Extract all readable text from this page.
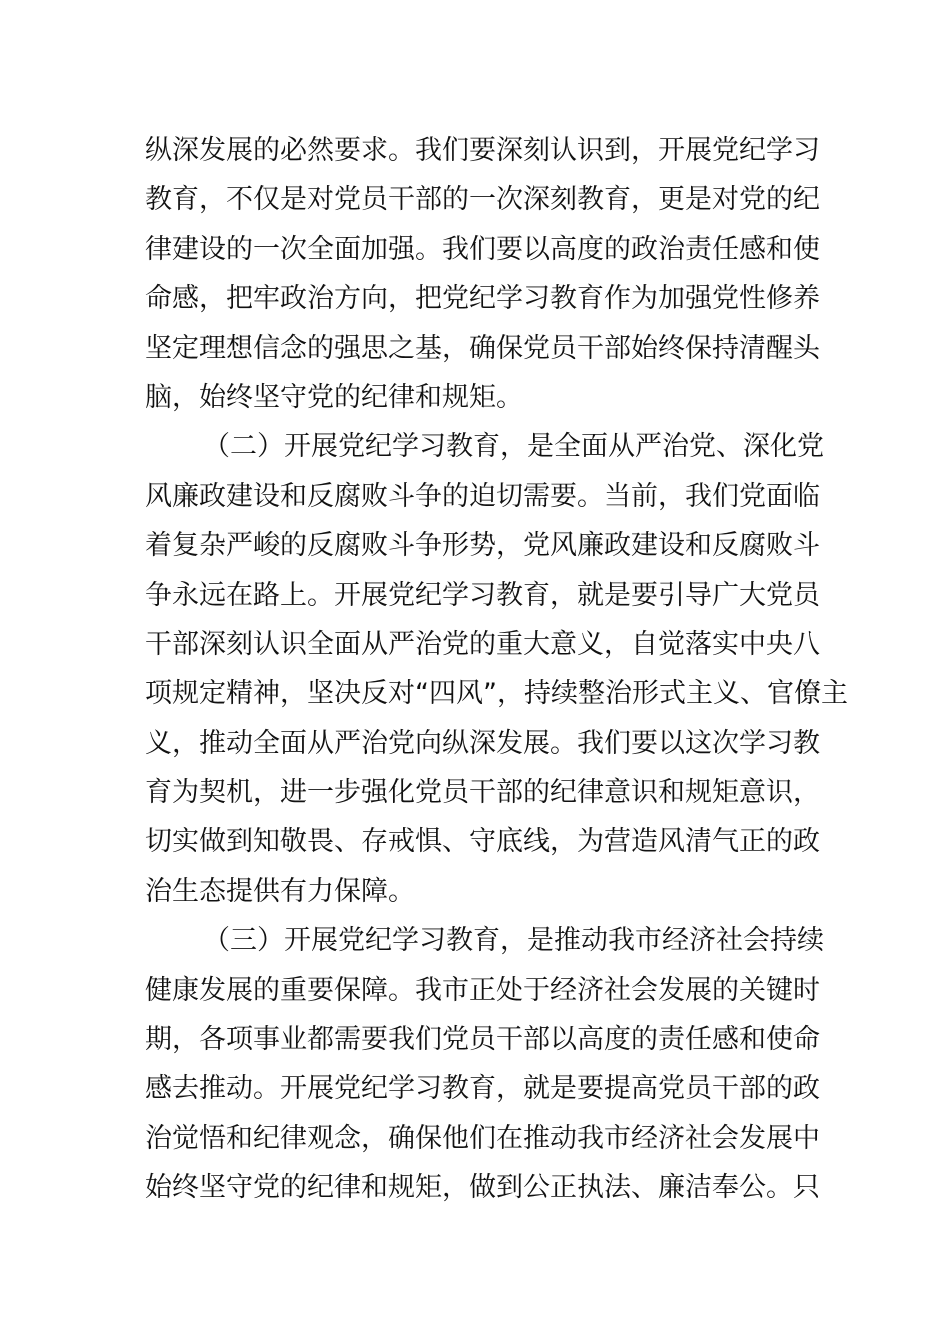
纵深发展的必然要求。我们要深刻认识到，开展党纪学习
教育，不仅是对党员干部的一次深刻教育，更是对党的纪
律建设的一次全面加强。我们要以高度的政治责任感和使
命感，把牢政治方向，把党纪学习教育作为加强党性修养
坚定理想信念的强思之基，确保党员干部始终保持清醒头
脑，始终坚守党的纪律和规矩。
（二）开展党纪学习教育，是全面从严治党、深化党
风廉政建设和反腐败斗争的迫切需要。当前，我们党面临
着复杂严峻的反腐败斗争形势，党风廉政建设和反腐败斗
争永远在路上。开展党纪学习教育，就是要引导广大党员
干部深刻认识全面从严治党的重大意义，自觉落实中央八
项规定精神，坚决反对“四风”，持续整治形式主义、官僚主
义，推动全面从严治党向纵深发展。我们要以这次学习教
育为契机，进一步强化党员干部的纪律意识和规矩意识，
切实做到知敬畏、存戒惧、守底线，为营造风清气正的政
治生态提供有力保障。
（三）开展党纪学习教育，是推动我市经济社会持续
健康发展的重要保障。我市正处于经济社会发展的关键时
期，各项事业都需要我们党员干部以高度的责任感和使命
感去推动。开展党纪学习教育，就是要提高党员干部的政
治觉悟和纪律观念，确保他们在推动我市经济社会发展中
始终坚守党的纪律和规矩，做到公正执法、廉洁奉公。只
